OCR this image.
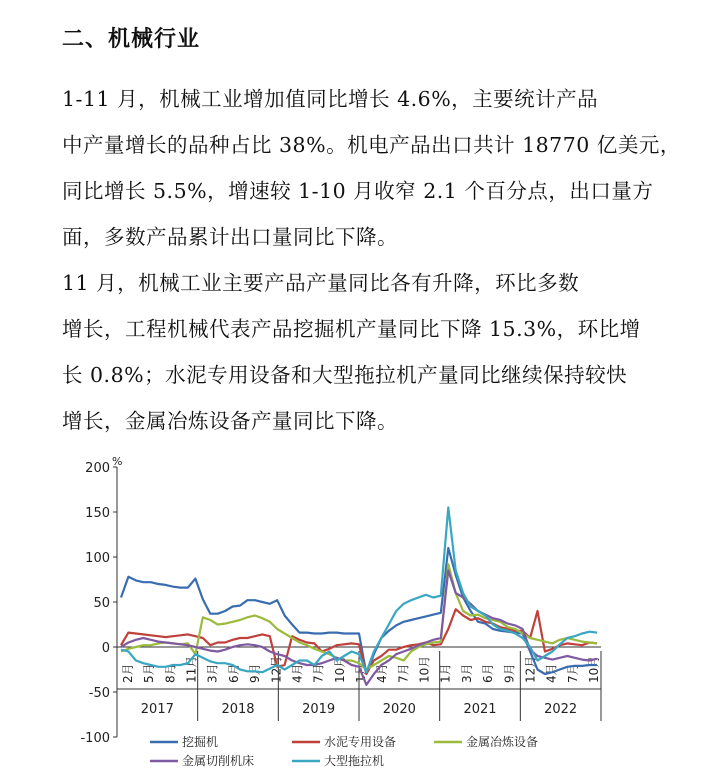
二、机械行业
1-11 月，机械工业增加值同比增长 4.6%，主要统计产品
中产量增长的品种占比 38%。机电产品出口共计 18770 亿美元，
同比增长 5.5%，增速较 1-10 月收窄 2.1 个百分点，出口量方
面，多数产品累计出口量同比下降。
11 月，机械工业主要产品产量同比各有升降，环比多数
增长，工程机械代表产品挖掘机产量同比下降 15.3%，环比增
长 0.8%；水泥专用设备和大型拖拉机产量同比继续保持较快
增长，金属冶炼设备产量同比下降。
-100
-50
0
50
100
150
200 %
2月 5月 8月 11月 3月 6月 9月 12月 4月 7月 10月 1月 4月 7月 10月 1月 3月 6月 9月 12月 4月 7月 10月
2017	2018	2019	2020	2021	2022
挖掘机	水泥专用设备	金属冶炼设备
金属切削机床	大型拖拉机
